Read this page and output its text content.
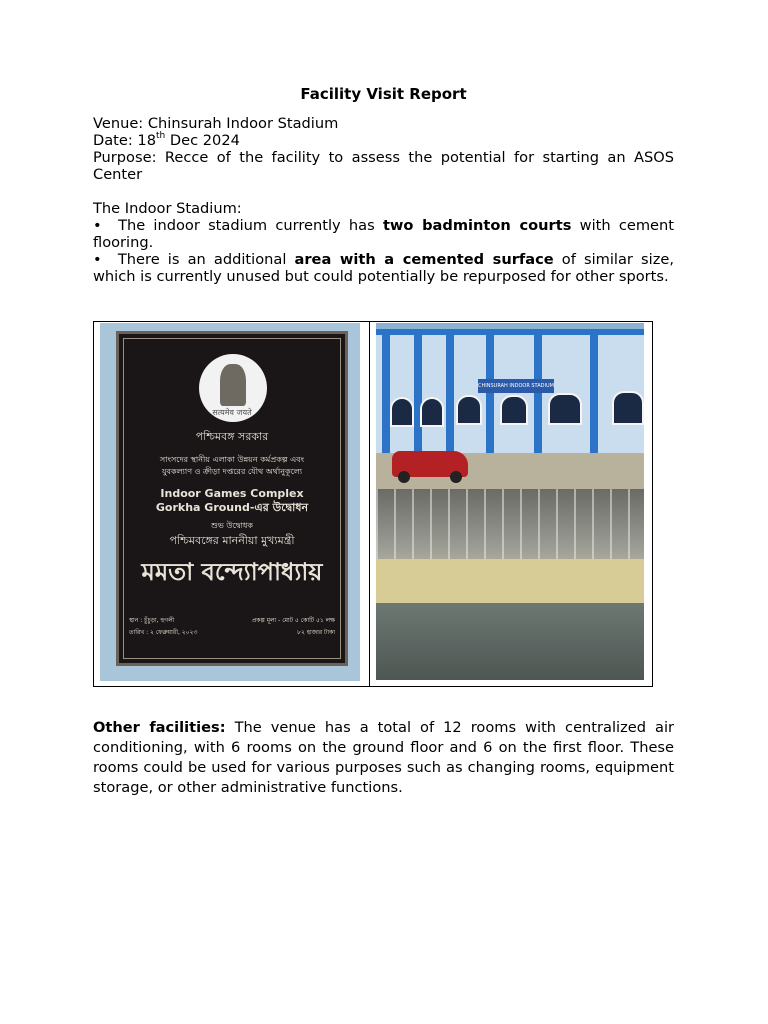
Facility Visit Report

Venue: Chinsurah Indoor Stadium

Date: 18th Dec 2024

Purpose: Recce of the facility to assess the potential for starting an ASOS Center

The Indoor Stadium:

• The indoor stadium currently has two badminton courts with cement flooring.

• There is an additional area with a cemented surface of similar size, which is currently unused but could potentially be repurposed for other sports.

सत्यमेव जयते
পশ্চিমবঙ্গ সরকার
সাংসদের স্থানীয় এলাকা উন্নয়ন কর্মপ্রকল্প এবং
যুবকল্যাণ ও ক্রীড়া দপ্তরের যৌথ অর্থানুকূল্যে
Indoor Games Complex
Gorkha Ground-এর উদ্বোধন
শুভ উদ্বোধক
পশ্চিমবঙ্গের মাননীয়া মুখ্যমন্ত্রী
মমতা বন্দ্যোপাধ্যায়
স্থান : চুঁচুড়া, হুগলী
তারিখ : ২ ফেব্রুয়ারী, ২০২৩
প্রকল্প মূল্য - মোট ৫ কোটি ৫১ লক্ষ
৮২ হাজার টাকা
CHINSURAH INDOOR STADIUM

Other facilities: The venue has a total of 12 rooms with centralized air conditioning, with 6 rooms on the ground floor and 6 on the first floor. These rooms could be used for various purposes such as changing rooms, equipment storage, or other administrative functions.
